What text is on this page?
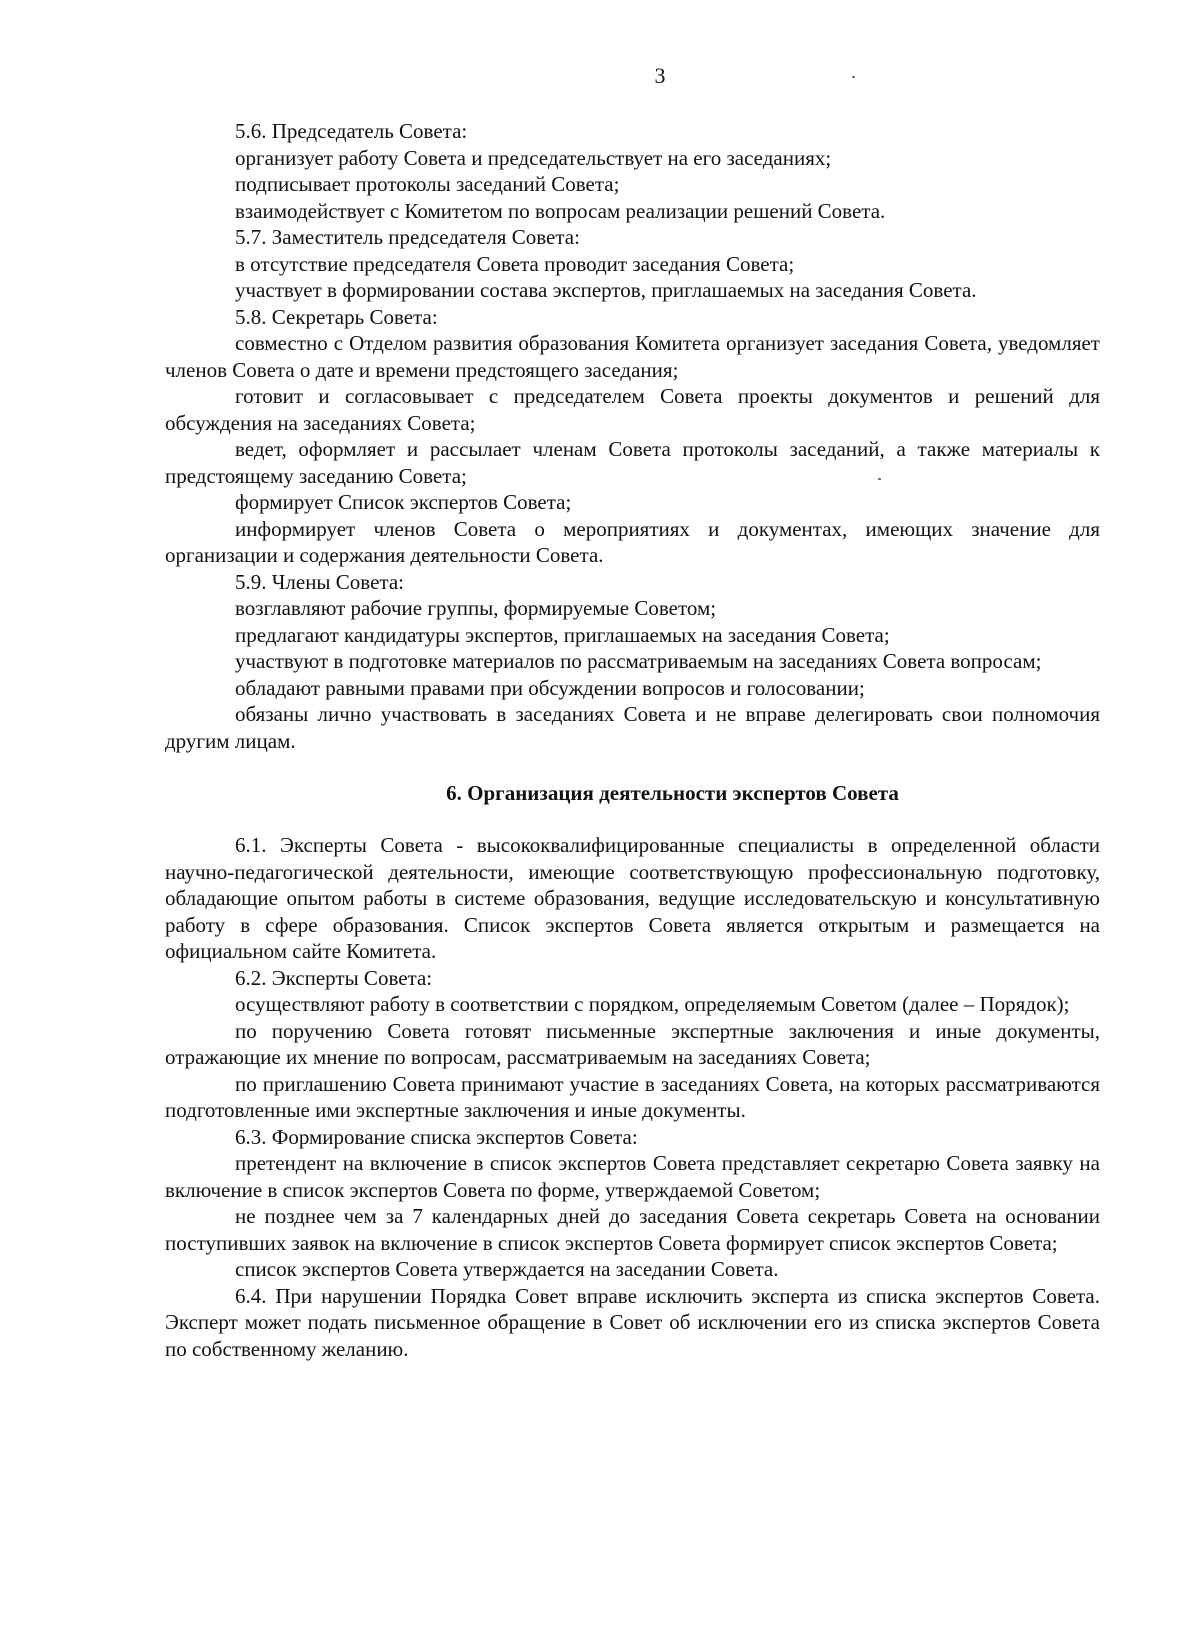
3

5.6. Председатель Совета:

организует работу Совета и председательствует на его заседаниях;

подписывает протоколы заседаний Совета;

взаимодействует с Комитетом по вопросам реализации решений Совета.

5.7. Заместитель председателя Совета:

в отсутствие председателя Совета проводит заседания Совета;

участвует в формировании состава экспертов, приглашаемых на заседания Совета.

5.8. Секретарь Совета:

совместно с Отделом развития образования Комитета организует заседания Совета, уведомляет членов Совета о дате и времени предстоящего заседания;

готовит и согласовывает с председателем Совета проекты документов и решений для обсуждения на заседаниях Совета;

ведет, оформляет и рассылает членам Совета протоколы заседаний, а также материалы к предстоящему заседанию Совета;

формирует Список экспертов Совета;

информирует членов Совета о мероприятиях и документах, имеющих значение для организации и содержания деятельности Совета.

5.9. Члены Совета:

возглавляют рабочие группы, формируемые Советом;

предлагают кандидатуры экспертов, приглашаемых на заседания Совета;

участвуют в подготовке материалов по рассматриваемым на заседаниях Совета вопросам;

обладают равными правами при обсуждении вопросов и голосовании;

обязаны лично участвовать в заседаниях Совета и не вправе делегировать свои полномочия другим лицам.

6. Организация деятельности экспертов Совета

6.1. Эксперты Совета - высококвалифицированные специалисты в определенной области научно-педагогической деятельности, имеющие соответствующую профессиональную подготовку, обладающие опытом работы в системе образования, ведущие исследовательскую и консультативную работу в сфере образования. Список экспертов Совета является открытым и размещается на официальном сайте Комитета.

6.2. Эксперты Совета:

осуществляют работу в соответствии с порядком, определяемым Советом (далее – Порядок);

по поручению Совета готовят письменные экспертные заключения и иные документы, отражающие их мнение по вопросам, рассматриваемым на заседаниях Совета;

по приглашению Совета принимают участие в заседаниях Совета, на которых рассматриваются подготовленные ими экспертные заключения и иные документы.

6.3. Формирование списка экспертов Совета:

претендент на включение в список экспертов Совета представляет секретарю Совета заявку на включение в список экспертов Совета по форме, утверждаемой Советом;

не позднее чем за 7 календарных дней до заседания Совета секретарь Совета на основании поступивших заявок на включение в список экспертов Совета формирует список экспертов Совета;

список экспертов Совета утверждается на заседании Совета.

6.4. При нарушении Порядка Совет вправе исключить эксперта из списка экспертов Совета. Эксперт может подать письменное обращение в Совет об исключении его из списка экспертов Совета по собственному желанию.
